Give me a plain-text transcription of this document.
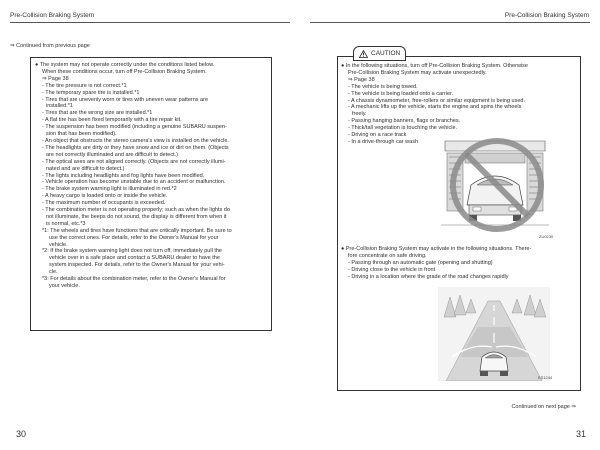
Pre-Collision Braking System	Pre-Collision Braking System
⇒ Continued from previous page
● The system may not operate correctly under the conditions listed below.
When these conditions occur, turn off Pre-Collision Braking System.
⇒ Page 38
- The tire pressure is not correct.*1
- The temporary spare tire is installed.*1
- Tires that are unevenly worn or tires with uneven wear patterns are
installed.*1
- Tires that are the wrong size are installed.*1
- A flat tire has been fixed temporarily with a tire repair kit.
- The suspension has been modified (including a genuine SUBARU suspen-
sion that has been modified).
- An object that obstructs the stereo camera's view is installed on the vehicle.
- The headlights are dirty or they have snow and ice or dirt on them. (Objects
are not correctly illuminated and are difficult to detect.)
- The optical axes are not aligned correctly. (Objects are not correctly illumi-
nated and are difficult to detect.)
- The lights including headlights and fog lights have been modified.
- Vehicle operation has become unstable due to an accident or malfunction.
- The brake system warning light is illuminated in red.*2
- A heavy cargo is loaded onto or inside the vehicle.
- The maximum number of occupants is exceeded.
- The combination meter is not operating properly; such as when the lights do
not illuminate, the beeps do not sound, the display is different from when it
is normal, etc.*3
*1: The wheels and tires have functions that are critically important. Be sure to
use the correct ones. For details, refer to the Owner's Manual for your
vehicle.
*2: If the brake system warning light does not turn off, immediately pull the
vehicle over in a safe place and contact a SUBARU dealer to have the
system inspected. For details, refer to the Owner's Manual for your vehi-
cle.
*3: For details about the combination meter, refer to the Owner's Manual for
your vehicle.
CAUTION
● In the following situations, turn off Pre-Collision Braking System. Otherwise
Pre-Collision Braking System may activate unexpectedly.
⇒ Page 38
- The vehicle is being towed.
- The vehicle is being loaded onto a carrier.
- A chassis dynamometer, free-rollers or similar equipment is being used.
- A mechanic lifts up the vehicle, starts the engine and spins the wheels
freely.
- Passing hanging banners, flags or branches.
- Thick/tall vegetation is touching the vehicle.
- Driving on a race track
- In a drive-through car wash
ZU0230
● Pre-Collision Braking System may activate in the following situations. There-
fore concentrate on safe driving.
- Passing through an automatic gate (opening and shutting)
- Driving close to the vehicle in front
- Driving in a location where the grade of the road changes rapidly
ES1244
Continued on next page ⇒
30	31
